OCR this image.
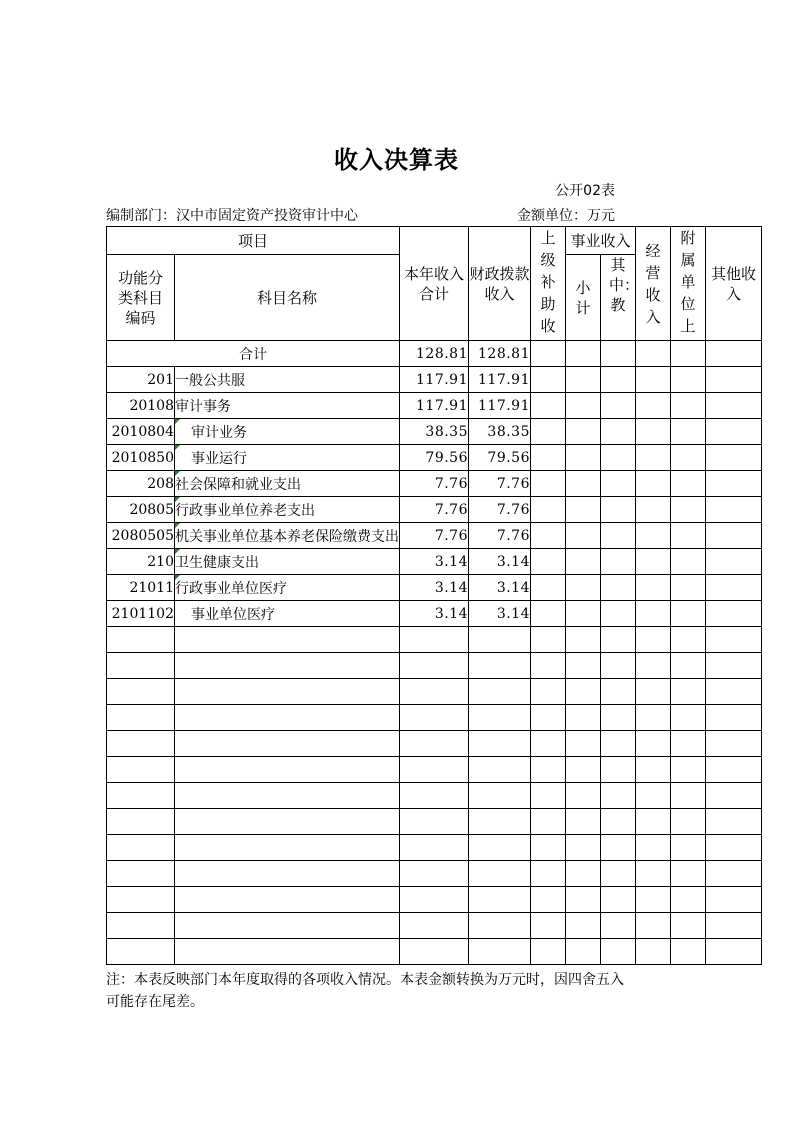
收入决算表
公开02表
编制部门：汉中市固定资产投资审计中心	金额单位：万元
项目		本年收入合计	财政拨款收入	上级补助收	事业收入		经营收入	附属单位上	其他收入

功能分类科目编码	科目名称				小计	其中：教			

合计		128.81	128.81						
201	一般公共服	117.91	117.91						
20108	审计事务	117.91	117.91						
2010804	审计业务	38.35	38.35						
2010850	事业运行	79.56	79.56						
208	社会保障和就业支出	7.76	7.76						
20805	行政事业单位养老支出	7.76	7.76						
2080505	机关事业单位基本养老保险缴费支出	7.76	7.76						
210	卫生健康支出	3.14	3.14						
21011	行政事业单位医疗	3.14	3.14						
2101102	事业单位医疗	3.14	3.14						

注：本表反映部门本年度取得的各项收入情况。本表金额转换为万元时，因四舍五入可能存在尾差。
